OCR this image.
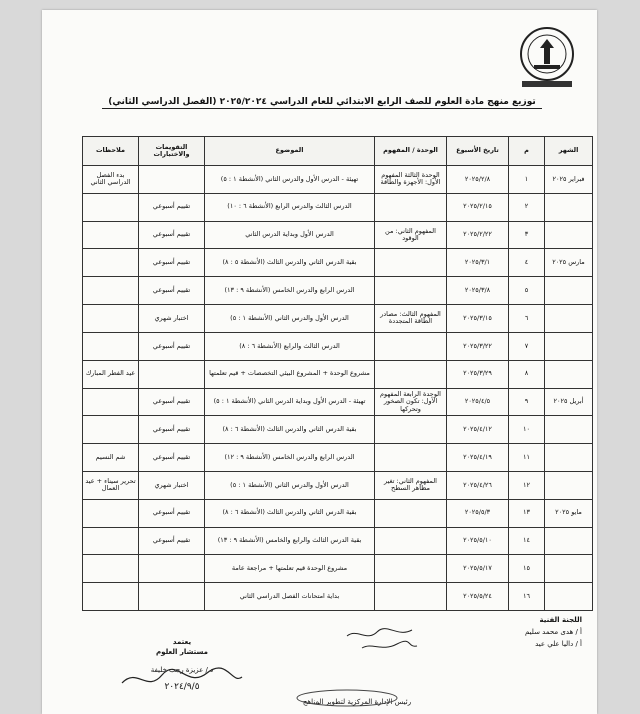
توزيع منهج مادة العلوم للصف الرابع الابتدائي للعام الدراسي ٢٠٢٥/٢٠٢٤ (الفصل الدراسي الثاني)
الشهر	م	تاريخ الأسبوع	الوحدة / المفهوم	الموضوع	التقويمات والاختبارات	ملاحظات
فبراير ٢٠٢٥	١	٢٠٢٥/٢/٨	الوحدة الثالثة المفهوم الأول: الأجهزة والطاقة	تهيئة - الدرس الأول والدرس الثاني (الأنشطة ١ : ٥)		بدء الفصل الدراسي الثاني
	٢	٢٠٢٥/٢/١٥		الدرس الثالث والدرس الرابع (الأنشطة ٦ : ١٠)	تقييم أسبوعي	
	٣	٢٠٢٥/٢/٢٢	المفهوم الثاني: من الوقود	الدرس الأول وبداية الدرس الثاني	تقييم أسبوعي	
مارس ٢٠٢٥	٤	٢٠٢٥/٣/١		بقية الدرس الثاني والدرس الثالث (الأنشطة ٥ : ٨)	تقييم أسبوعي	
	٥	٢٠٢٥/٣/٨		الدرس الرابع والدرس الخامس (الأنشطة ٩ : ١٣)	تقييم أسبوعي	
	٦	٢٠٢٥/٣/١٥	المفهوم الثالث: مصادر الطاقة المتجددة	الدرس الأول والدرس الثاني (الأنشطة ١ : ٥)	اختبار شهري	
	٧	٢٠٢٥/٣/٢٢		الدرس الثالث والرابع (الأنشطة ٦ : ٨)	تقييم أسبوعي	
	٨	٢٠٢٥/٣/٢٩		مشروع الوحدة + المشروع البيئي التخصصات + قيم تعلمتها		عيد الفطر المبارك
أبريل ٢٠٢٥	٩	٢٠٢٥/٤/٥	الوحدة الرابعة المفهوم الأول: تكون الصخور وتحركها	تهيئة - الدرس الأول وبداية الدرس الثاني (الأنشطة ١ : ٥)	تقييم أسبوعي	
	١٠	٢٠٢٥/٤/١٢		بقية الدرس الثاني والدرس الثالث (الأنشطة ٦ : ٨)	تقييم أسبوعي	
	١١	٢٠٢٥/٤/١٩		الدرس الرابع والدرس الخامس (الأنشطة ٩ : ١٢)	تقييم أسبوعي	شم النسيم
	١٢	٢٠٢٥/٤/٢٦	المفهوم الثاني: تغير مظاهر السطح	الدرس الأول والدرس الثاني (الأنشطة ١ : ٥)	اختبار شهري	تحرير سيناء + عيد العمال
مايو ٢٠٢٥	١٣	٢٠٢٥/٥/٣		بقية الدرس الثاني والدرس الثالث (الأنشطة ٦ : ٨)	تقييم أسبوعي	
	١٤	٢٠٢٥/٥/١٠		بقية الدرس الثالث والرابع والخامس (الأنشطة ٩ : ١٣)	تقييم أسبوعي	
	١٥	٢٠٢٥/٥/١٧		مشروع الوحدة قيم تعلمتها + مراجعة عامة		
	١٦	٢٠٢٥/٥/٢٤		بداية امتحانات الفصل الدراسي الثاني		
اللجنة الفنية
أ / هدى محمد سليم
أ / داليا علي عيد
يعتمد
مستشار العلوم
د / عزيزة رجب خليفة
٢٠٢٤/٩/٥
رئيس الإدارة المركزية لتطوير المناهج
